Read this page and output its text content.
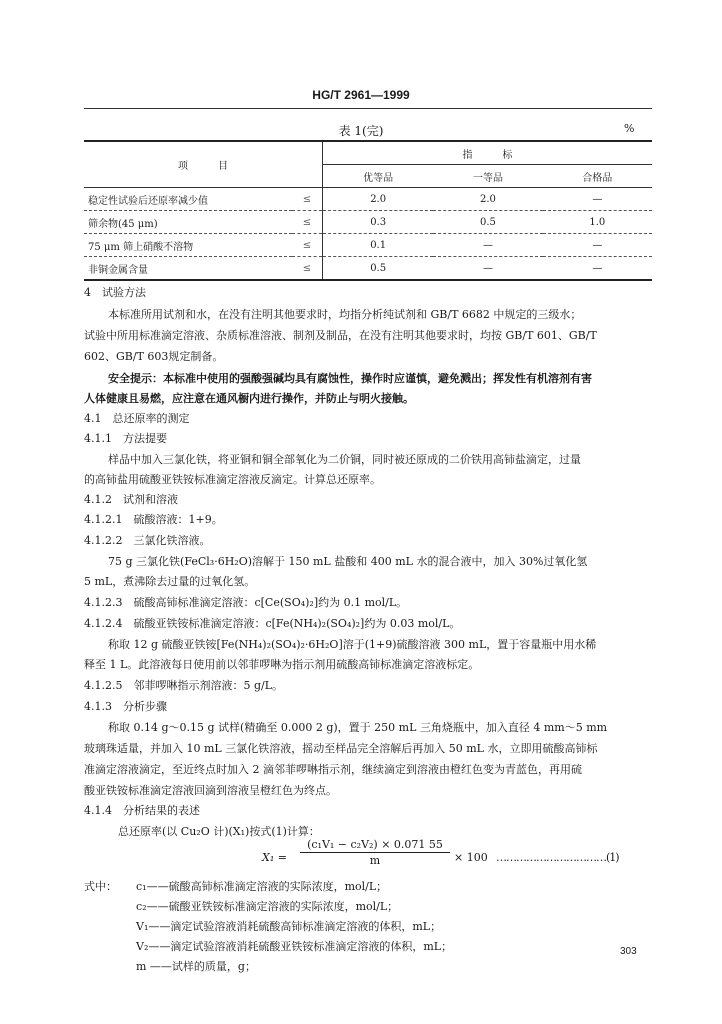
HG/T 2961—1999
表 1(完)	%
项　　　目		指　　　标		
		优等品	一等品	合格品
稳定性试验后还原率减少值	≤	2.0	2.0	—
筛余物(45 μm)	≤	0.3	0.5	1.0
75 μm 筛上硝酸不溶物	≤	0.1	—	—
非铜金属含量	≤	0.5	—	—
4　试验方法
本标准所用试剂和水，在没有注明其他要求时，均指分析纯试剂和 GB/T 6682 中规定的三级水；
试验中所用标准滴定溶液、杂质标准溶液、制剂及制品，在没有注明其他要求时，均按 GB/T 601、GB/T
602、GB/T 603规定制备。
安全提示：本标准中使用的强酸强碱均具有腐蚀性，操作时应谨慎，避免溅出；挥发性有机溶剂有害
人体健康且易燃，应注意在通风橱内进行操作，并防止与明火接触。
4.1　总还原率的测定
4.1.1　方法提要
样品中加入三氯化铁，将亚铜和铜全部氧化为二价铜，同时被还原成的二价铁用高铈盐滴定，过量
的高铈盐用硫酸亚铁铵标准滴定溶液反滴定。计算总还原率。
4.1.2　试剂和溶液
4.1.2.1　硫酸溶液：1+9。
4.1.2.2　三氯化铁溶液。
75 g 三氯化铁(FeCl₃·6H₂O)溶解于 150 mL 盐酸和 400 mL 水的混合液中，加入 30%过氧化氢
5 mL，煮沸除去过量的过氧化氢。
4.1.2.3　硫酸高铈标准滴定溶液：c[Ce(SO₄)₂]约为 0.1 mol/L。
4.1.2.4　硫酸亚铁铵标准滴定溶液：c[Fe(NH₄)₂(SO₄)₂]约为 0.03 mol/L。
称取 12 g 硫酸亚铁铵[Fe(NH₄)₂(SO₄)₂·6H₂O]溶于(1+9)硫酸溶液 300 mL，置于容量瓶中用水稀
释至 1 L。此溶液每日使用前以邻菲啰啉为指示剂用硫酸高铈标准滴定溶液标定。
4.1.2.5　邻菲啰啉指示剂溶液：5 g/L。
4.1.3　分析步骤
称取 0.14 g～0.15 g 试样(精确至 0.000 2 g)，置于 250 mL 三角烧瓶中，加入直径 4 mm～5 mm
玻璃珠适量，并加入 10 mL 三氯化铁溶液，摇动至样品完全溶解后再加入 50 mL 水，立即用硫酸高铈标
准滴定溶液滴定，至近终点时加入 2 滴邻菲啰啉指示剂，继续滴定到溶液由橙红色变为青蓝色，再用硫
酸亚铁铵标准滴定溶液回滴到溶液呈橙红色为终点。
4.1.4　分析结果的表述
总还原率(以 Cu₂O 计)(X₁)按式(1)计算：
$X_1 = \frac{\text{(c₁V₁ − c₂V₂) × 0.071 55}}{m} \times 100$ ……………………………(1)
式中： c₁——硫酸高铈标准滴定溶液的实际浓度，mol/L；
c₂——硫酸亚铁铵标准滴定溶液的实际浓度，mol/L；
V₁——滴定试验溶液消耗硫酸高铈标准滴定溶液的体积，mL；
V₂——滴定试验溶液消耗硫酸亚铁铵标准滴定溶液的体积，mL；
m ——试样的质量，g；
303
